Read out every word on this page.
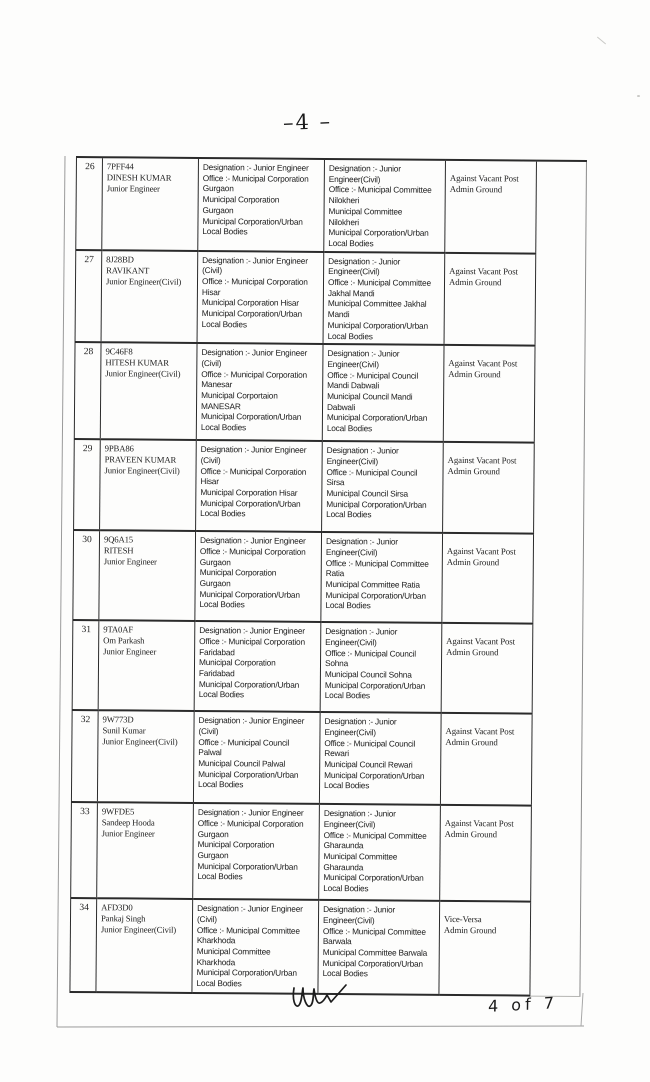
–4 –
26	7PFF44
DINESH KUMAR
Junior Engineer	Designation :- Junior Engineer
Office :- Municipal Corporation
Gurgaon
Municipal Corporation
Gurgaon
Municipal Corporation/Urban
Local Bodies	Designation :- Junior
Engineer(Civil)
Office :- Municipal Committee
Nilokheri
Municipal Committee
Nilokheri
Municipal Corporation/Urban
Local Bodies	Against Vacant Post
Admin Ground	
27	8J28BD
RAVIKANT
Junior Engineer(Civil)	Designation :- Junior Engineer
(Civil)
Office :- Municipal Corporation
Hisar
Municipal Corporation Hisar
Municipal Corporation/Urban
Local Bodies	Designation :- Junior
Engineer(Civil)
Office :- Municipal Committee
Jakhal Mandi
Municipal Committee Jakhal
Mandi
Municipal Corporation/Urban
Local Bodies	Against Vacant Post
Admin Ground
28	9C46F8
HITESH KUMAR
Junior Engineer(Civil)	Designation :- Junior Engineer
(Civil)
Office :- Municipal Corporation
Manesar
Municipal Corportaion
MANESAR
Municipal Corporation/Urban
Local Bodies	Designation :- Junior
Engineer(Civil)
Office :- Municipal Council
Mandi Dabwali
Municipal Council Mandi
Dabwali
Municipal Corporation/Urban
Local Bodies	Against Vacant Post
Admin Ground
29	9PBA86
PRAVEEN KUMAR
Junior Engineer(Civil)	Designation :- Junior Engineer
(Civil)
Office :- Municipal Corporation
Hisar
Municipal Corporation Hisar
Municipal Corporation/Urban
Local Bodies	Designation :- Junior
Engineer(Civil)
Office :- Municipal Council
Sirsa
Municipal Council Sirsa
Municipal Corporation/Urban
Local Bodies	Against Vacant Post
Admin Ground
30	9Q6A15
RITESH
Junior Engineer	Designation :- Junior Engineer
Office :- Municipal Corporation
Gurgaon
Municipal Corporation
Gurgaon
Municipal Corporation/Urban
Local Bodies	Designation :- Junior
Engineer(Civil)
Office :- Municipal Committee
Ratia
Municipal Committee Ratia
Municipal Corporation/Urban
Local Bodies	Against Vacant Post
Admin Ground
31	9TA0AF
Om Parkash
Junior Engineer	Designation :- Junior Engineer
Office :- Municipal Corporation
Faridabad
Municipal Corporation
Faridabad
Municipal Corporation/Urban
Local Bodies	Designation :- Junior
Engineer(Civil)
Office :- Municipal Council
Sohna
Municipal Council Sohna
Municipal Corporation/Urban
Local Bodies	Against Vacant Post
Admin Ground
32	9W773D
Sunil Kumar
Junior Engineer(Civil)	Designation :- Junior Engineer
(Civil)
Office :- Municipal Council
Palwal
Municipal Council Palwal
Municipal Corporation/Urban
Local Bodies	Designation :- Junior
Engineer(Civil)
Office :- Municipal Council
Rewari
Municipal Council Rewari
Municipal Corporation/Urban
Local Bodies	Against Vacant Post
Admin Ground
33	9WFDE5
Sandeep Hooda
Junior Engineer	Designation :- Junior Engineer
Office :- Municipal Corporation
Gurgaon
Municipal Corporation
Gurgaon
Municipal Corporation/Urban
Local Bodies	Designation :- Junior
Engineer(Civil)
Office :- Municipal Committee
Gharaunda
Municipal Committee
Gharaunda
Municipal Corporation/Urban
Local Bodies	Against Vacant Post
Admin Ground
34	AFD3D0
Pankaj Singh
Junior Engineer(Civil)	Designation :- Junior Engineer
(Civil)
Office :- Municipal Committee
Kharkhoda
Municipal Committee
Kharkhoda
Municipal Corporation/Urban
Local Bodies	Designation :- Junior
Engineer(Civil)
Office :- Municipal Committee
Barwala
Municipal Committee Barwala
Municipal Corporation/Urban
Local Bodies	Vice-Versa
Admin Ground
4 of 7
